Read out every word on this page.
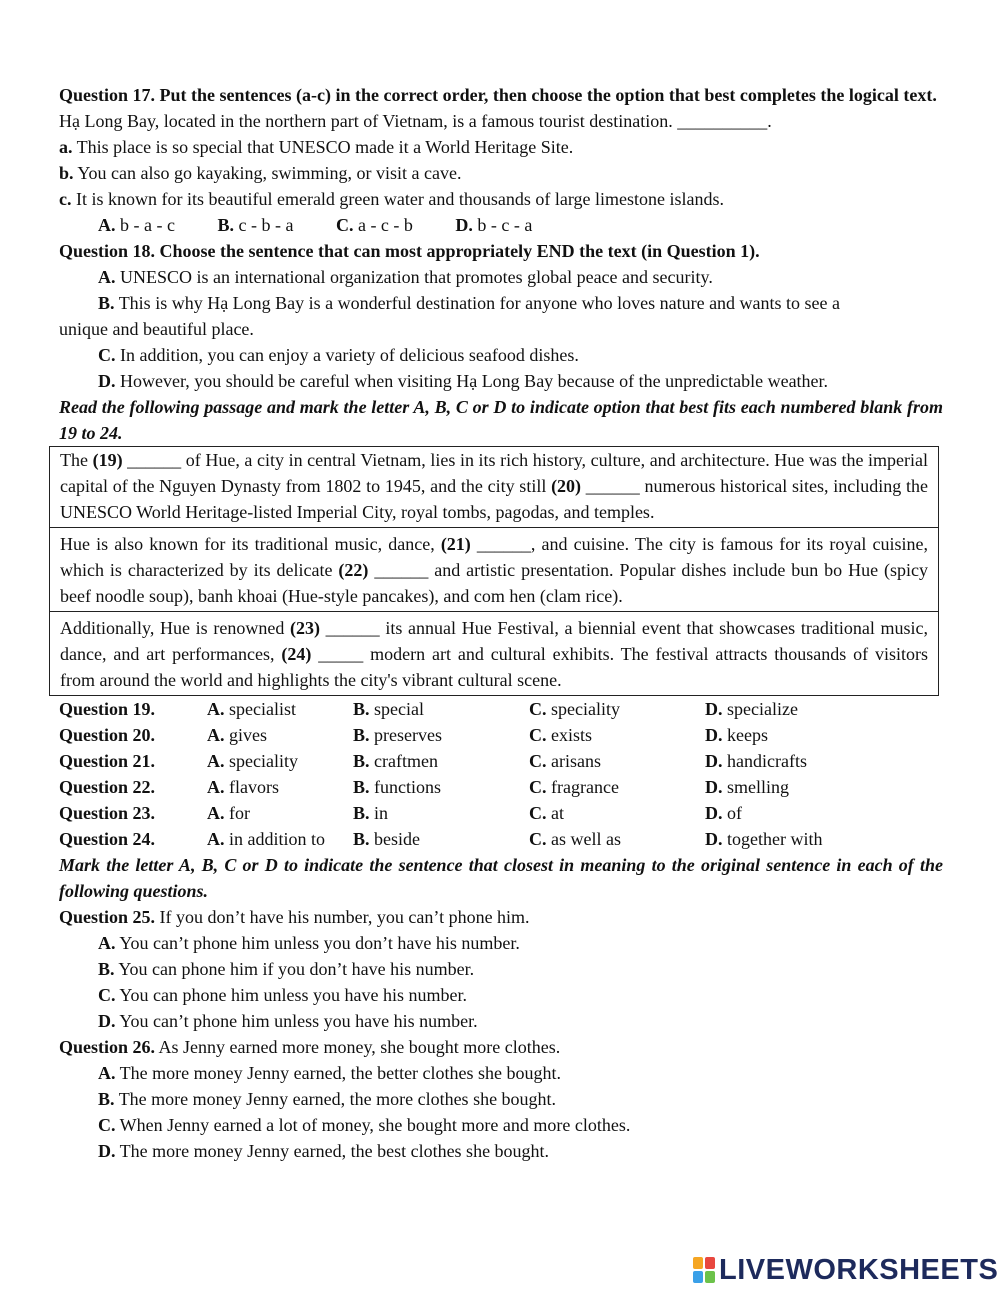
Question 17. Put the sentences (a-c) in the correct order, then choose the option that best completes the logical text.
Hạ Long Bay, located in the northern part of Vietnam, is a famous tourist destination. __________.
a. This place is so special that UNESCO made it a World Heritage Site.
b. You can also go kayaking, swimming, or visit a cave.
c. It is known for its beautiful emerald green water and thousands of large limestone islands.
A. b - a - c B. c - b - a C. a - c - b D. b - c - a
Question 18. Choose the sentence that can most appropriately END the text (in Question 1).
A. UNESCO is an international organization that promotes global peace and security.
B. This is why Hạ Long Bay is a wonderful destination for anyone who loves nature and wants to see a
unique and beautiful place.
C. In addition, you can enjoy a variety of delicious seafood dishes.
D. However, you should be careful when visiting Hạ Long Bay because of the unpredictable weather.
Read the following passage and mark the letter A, B, C or D to indicate option that best fits each numbered blank from 19 to 24.
The (19) ______ of Hue, a city in central Vietnam, lies in its rich history, culture, and architecture. Hue was the imperial capital of the Nguyen Dynasty from 1802 to 1945, and the city still (20) ______ numerous historical sites, including the UNESCO World Heritage-listed Imperial City, royal tombs, pagodas, and temples.
Hue is also known for its traditional music, dance, (21) ______, and cuisine. The city is famous for its royal cuisine, which is characterized by its delicate (22) ______ and artistic presentation. Popular dishes include bun bo Hue (spicy beef noodle soup), banh khoai (Hue-style pancakes), and com hen (clam rice).
Additionally, Hue is renowned (23) ______ its annual Hue Festival, a biennial event that showcases traditional music, dance, and art performances, (24) _____ modern art and cultural exhibits. The festival attracts thousands of visitors from around the world and highlights the city's vibrant cultural scene.
Question 19.	A. specialist	B. special	C. speciality	D. specialize
Question 20.	A. gives	B. preserves	C. exists	D. keeps
Question 21.	A. speciality	B. craftmen	C. arisans	D. handicrafts
Question 22.	A. flavors	B. functions	C. fragrance	D. smelling
Question 23.	A. for	B. in	C. at	D. of
Question 24.	A. in addition to	B. beside	C. as well as	D. together with
Mark the letter A, B, C or D to indicate the sentence that closest in meaning to the original sentence in each of the following questions.
Question 25. If you don’t have his number, you can’t phone him.
A. You can’t phone him unless you don’t have his number.
B. You can phone him if you don’t have his number.
C. You can phone him unless you have his number.
D. You can’t phone him unless you have his number.
Question 26. As Jenny earned more money, she bought more clothes.
A. The more money Jenny earned, the better clothes she bought.
B. The more money Jenny earned, the more clothes she bought.
C. When Jenny earned a lot of money, she bought more and more clothes.
D. The more money Jenny earned, the best clothes she bought.
LIVEWORKSHEETS
